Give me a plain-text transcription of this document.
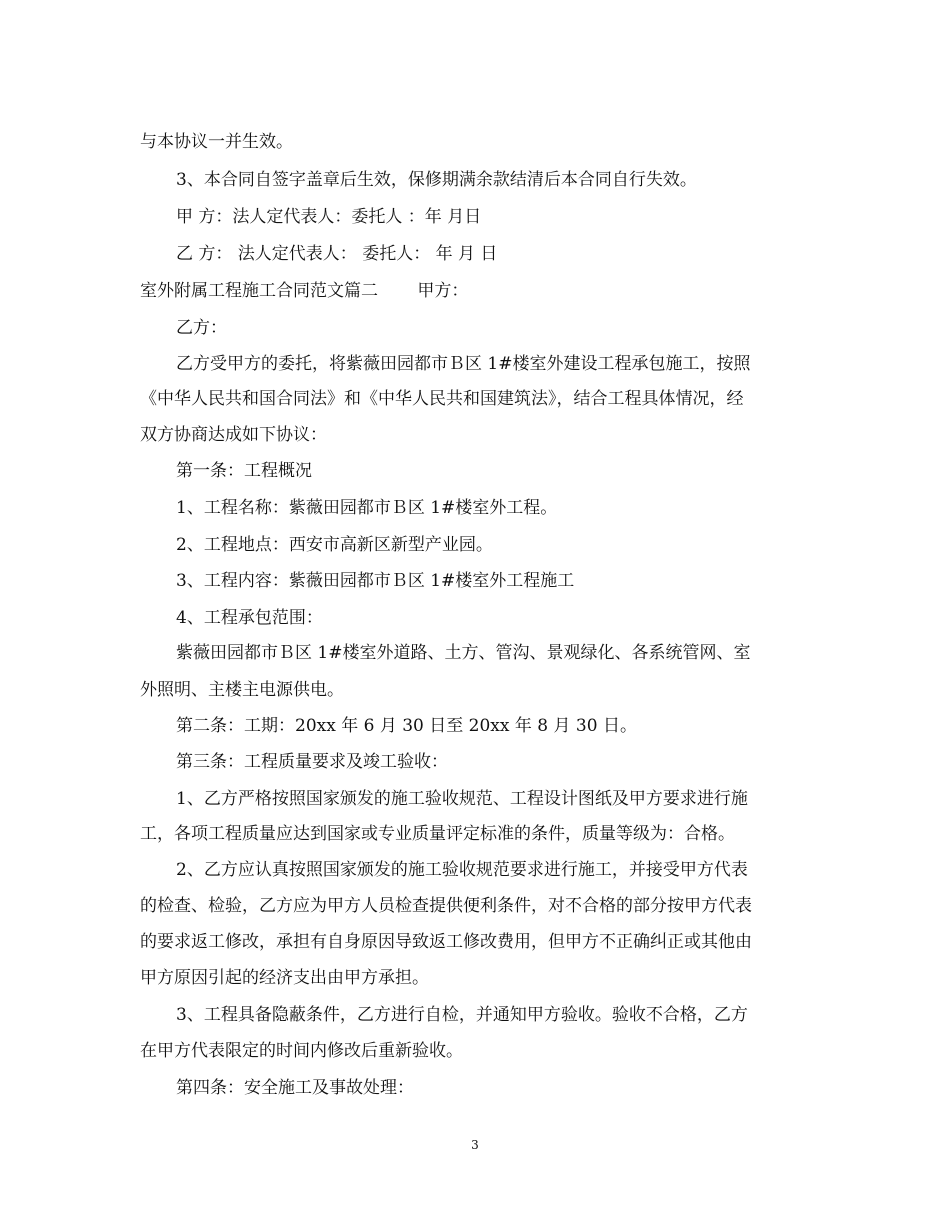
与本协议一并生效。
3、本合同自签字盖章后生效，保修期满余款结清后本合同自行失效。
甲 方：法人定代表人：委托人 ：年 月日
乙 方： 法人定代表人： 委托人： 年 月 日
室外附属工程施工合同范文篇二　　 甲方：
乙方：
乙方受甲方的委托，将紫薇田园都市Ｂ区 1#楼室外建设工程承包施工，按照
《中华人民共和国合同法》和《中华人民共和国建筑法》，结合工程具体情况，经
双方协商达成如下协议：
第一条：工程概况
1、工程名称：紫薇田园都市Ｂ区 1#楼室外工程。
2、工程地点：西安市高新区新型产业园。
3、工程内容：紫薇田园都市Ｂ区 1#楼室外工程施工
4、工程承包范围：
紫薇田园都市Ｂ区 1#楼室外道路、土方、管沟、景观绿化、各系统管网、室
外照明、主楼主电源供电。
第二条：工期：20xx 年 6 月 30 日至 20xx 年 8 月 30 日。
第三条：工程质量要求及竣工验收：
1、乙方严格按照国家颁发的施工验收规范、工程设计图纸及甲方要求进行施
工，各项工程质量应达到国家或专业质量评定标准的条件，质量等级为：合格。
2、乙方应认真按照国家颁发的施工验收规范要求进行施工，并接受甲方代表
的检查、检验，乙方应为甲方人员检查提供便利条件，对不合格的部分按甲方代表
的要求返工修改，承担有自身原因导致返工修改费用，但甲方不正确纠正或其他由
甲方原因引起的经济支出由甲方承担。
3、工程具备隐蔽条件，乙方进行自检，并通知甲方验收。验收不合格，乙方
在甲方代表限定的时间内修改后重新验收。
第四条：安全施工及事故处理：
3
